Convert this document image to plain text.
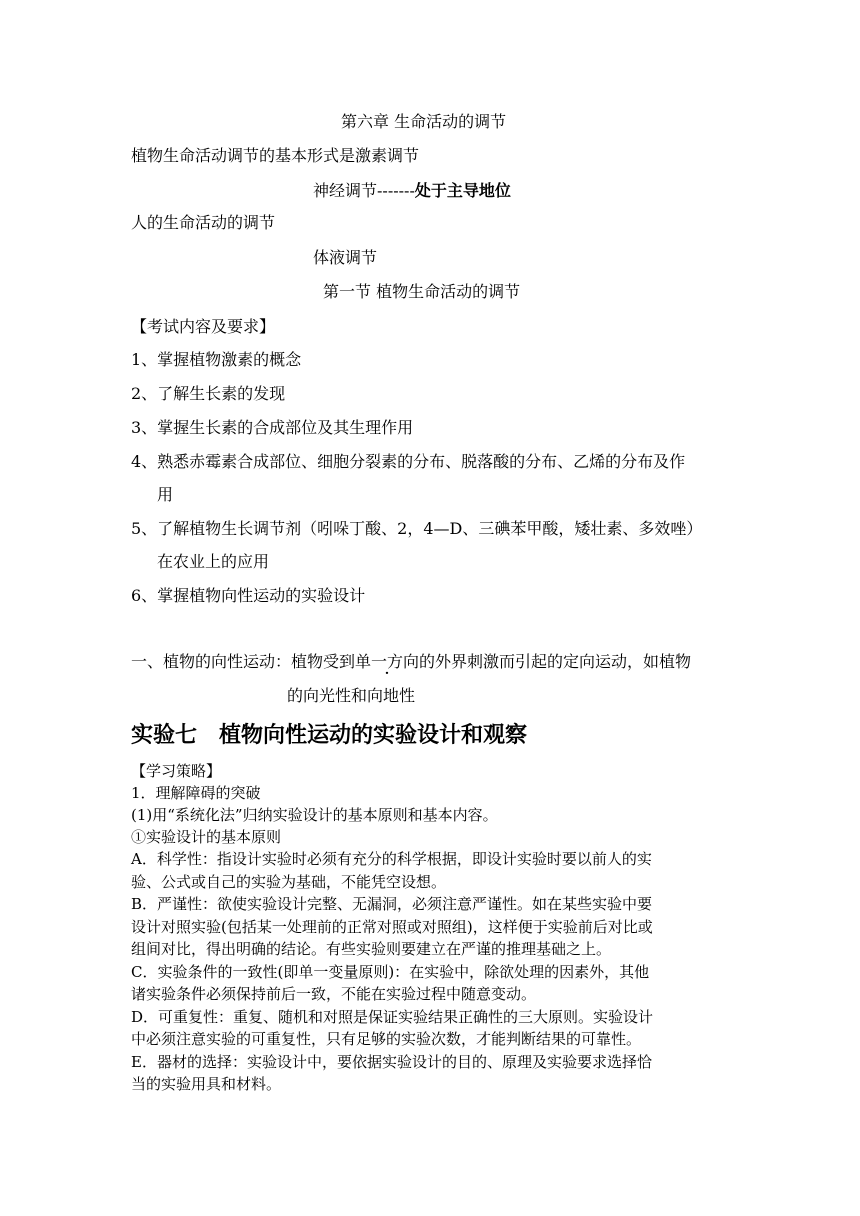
第六章 生命活动的调节
植物生命活动调节的基本形式是激素调节
神经调节-------处于主导地位
人的生命活动的调节
体液调节
第一节 植物生命活动的调节
【考试内容及要求】
1、掌握植物激素的概念
2、了解生长素的发现
3、掌握生长素的合成部位及其生理作用
4、熟悉赤霉素合成部位、细胞分裂素的分布、脱落酸的分布、乙烯的分布及作
用
5、了解植物生长调节剂（吲哚丁酸、2，4—D、三碘苯甲酸，矮壮素、多效唑）
在农业上的应用
6、掌握植物向性运动的实验设计
一、植物的向性运动：植物受到单一方向的外界刺激而引起的定向运动，如植物
的向光性和向地性
实验七　植物向性运动的实验设计和观察
【学习策略】
1．理解障碍的突破
(1)用“系统化法”归纳实验设计的基本原则和基本内容。
①实验设计的基本原则
A．科学性：指设计实验时必须有充分的科学根据，即设计实验时要以前人的实
验、公式或自己的实验为基础，不能凭空设想。
B．严谨性：欲使实验设计完整、无漏洞，必须注意严谨性。如在某些实验中要
设计对照实验(包括某一处理前的正常对照或对照组)，这样便于实验前后对比或
组间对比，得出明确的结论。有些实验则要建立在严谨的推理基础之上。
C．实验条件的一致性(即单一变量原则)：在实验中，除欲处理的因素外，其他
诸实验条件必须保持前后一致，不能在实验过程中随意变动。
D．可重复性：重复、随机和对照是保证实验结果正确性的三大原则。实验设计
中必须注意实验的可重复性，只有足够的实验次数，才能判断结果的可靠性。
E．器材的选择：实验设计中，要依据实验设计的目的、原理及实验要求选择恰
当的实验用具和材料。
